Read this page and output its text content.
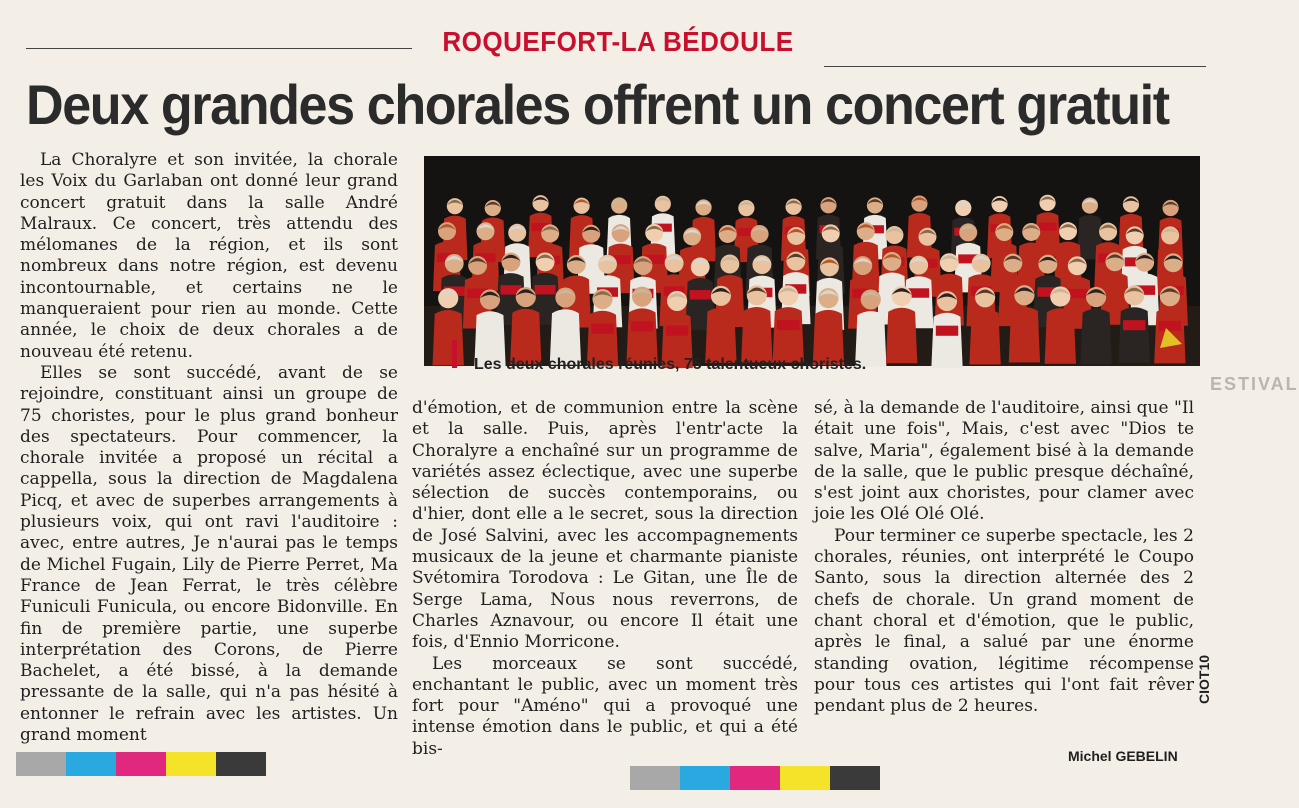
ROQUEFORT-LA BÉDOULE
Deux grandes chorales offrent un concert gratuit

La Choralyre et son invitée, la chorale les Voix du Garlaban ont donné leur grand concert gratuit dans la salle André Malraux. Ce concert, très attendu des mélomanes de la région, et ils sont nombreux dans notre région, est devenu incontournable, et certains ne le manqueraient pour rien au monde. Cette année, le choix de deux chorales a de nouveau été retenu.

Elles se sont succédé, avant de se rejoindre, constituant ainsi un groupe de 75 choristes, pour le plus grand bonheur des spectateurs. Pour commencer, la chorale invitée a proposé un récital a cappella, sous la direction de Magdalena Picq, et avec de superbes arrangements à plusieurs voix, qui ont ravi l'auditoire : avec, entre autres, Je n'aurai pas le temps de Michel Fugain, Lily de Pierre Perret, Ma France de Jean Ferrat, le très célèbre Funiculi Funicula, ou encore Bidonville. En fin de première partie, une superbe interprétation des Corons, de Pierre Bachelet, a été bissé, à la demande pressante de la salle, qui n'a pas hésité à entonner le refrain avec les artistes. Un grand moment

Les deux chorales réunies, 75 talentueux choristes.

d'émotion, et de communion entre la scène et la salle. Puis, après l'entr'acte la Choralyre a enchaîné sur un programme de variétés assez éclectique, avec une superbe sélection de succès contemporains, ou d'hier, dont elle a le secret, sous la direction de José Salvini, avec les accompagnements musicaux de la jeune et charmante pianiste Svétomira Torodova : Le Gitan, une Île de Serge Lama, Nous nous reverrons, de Charles Aznavour, ou encore Il était une fois, d'Ennio Morricone.

Les morceaux se sont succédé, enchantant le public, avec un moment très fort pour "Améno" qui a provoqué une intense émotion dans le public, et qui a été bis-

sé, à la demande de l'auditoire, ainsi que "Il était une fois", Mais, c'est avec "Dios te salve, Maria", également bisé à la demande de la salle, que le public presque déchaîné, s'est joint aux choristes, pour clamer avec joie les Olé Olé Olé.

Pour terminer ce superbe spectacle, les 2 chorales, réunies, ont interprété le Coupo Santo, sous la direction alternée des 2 chefs de chorale. Un grand moment de chant choral et d'émotion, que le public, après le final, a salué par une énorme standing ovation, légitime récompense pour tous ces artistes qui l'ont fait rêver pendant plus de 2 heures.

Michel GEBELIN
CIOT10
ESTIVAL
